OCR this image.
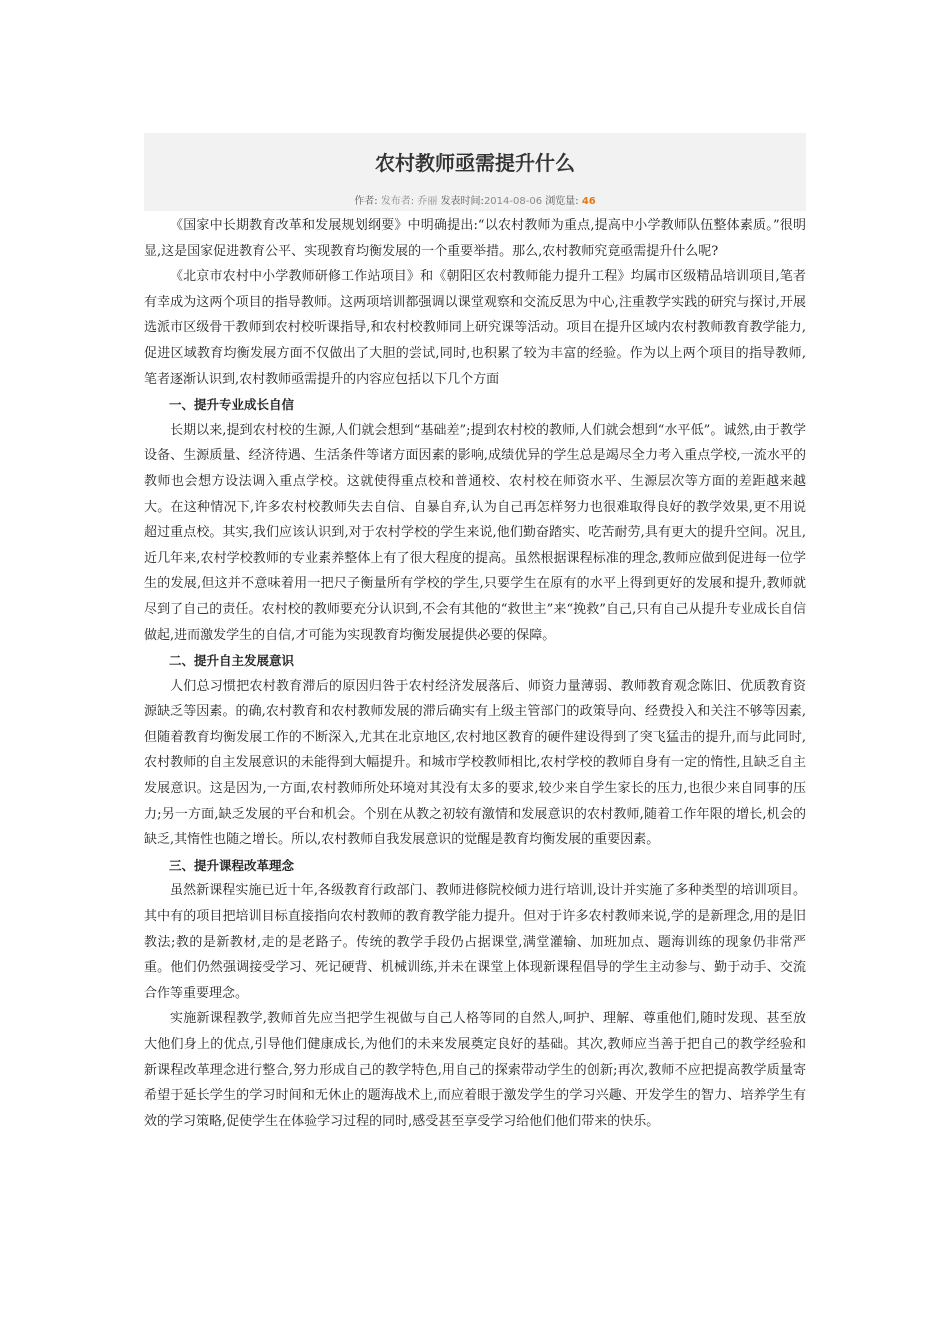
农村教师亟需提升什么
作者: 发布者: 乔丽 发表时间:2014-08-06 浏览量: 46

《国家中长期教育改革和发展规划纲要》中明确提出:“以农村教师为重点,提高中小学教师队伍整体素质。”很明显,这是国家促进教育公平、实现教育均衡发展的一个重要举措。那么,农村教师究竟亟需提升什么呢?

《北京市农村中小学教师研修工作站项目》和《朝阳区农村教师能力提升工程》均属市区级精品培训项目,笔者有幸成为这两个项目的指导教师。这两项培训都强调以课堂观察和交流反思为中心,注重教学实践的研究与探讨,开展选派市区级骨干教师到农村校听课指导,和农村校教师同上研究课等活动。项目在提升区域内农村教师教育教学能力,促进区域教育均衡发展方面不仅做出了大胆的尝试,同时,也积累了较为丰富的经验。作为以上两个项目的指导教师,笔者逐渐认识到,农村教师亟需提升的内容应包括以下几个方面

一、提升专业成长自信

长期以来,提到农村校的生源,人们就会想到“基础差”;提到农村校的教师,人们就会想到“水平低”。诚然,由于教学设备、生源质量、经济待遇、生活条件等诸方面因素的影响,成绩优异的学生总是竭尽全力考入重点学校,一流水平的教师也会想方设法调入重点学校。这就使得重点校和普通校、农村校在师资水平、生源层次等方面的差距越来越大。在这种情况下,许多农村校教师失去自信、自暴自弃,认为自己再怎样努力也很难取得良好的教学效果,更不用说超过重点校。其实,我们应该认识到,对于农村学校的学生来说,他们勤奋踏实、吃苦耐劳,具有更大的提升空间。况且,近几年来,农村学校教师的专业素养整体上有了很大程度的提高。虽然根据课程标准的理念,教师应做到促进每一位学生的发展,但这并不意味着用一把尺子衡量所有学校的学生,只要学生在原有的水平上得到更好的发展和提升,教师就尽到了自己的责任。农村校的教师要充分认识到,不会有其他的“救世主”来“挽救”自己,只有自己从提升专业成长自信做起,进而激发学生的自信,才可能为实现教育均衡发展提供必要的保障。

二、提升自主发展意识

人们总习惯把农村教育滞后的原因归咎于农村经济发展落后、师资力量薄弱、教师教育观念陈旧、优质教育资源缺乏等因素。的确,农村教育和农村教师发展的滞后确实有上级主管部门的政策导向、经费投入和关注不够等因素,但随着教育均衡发展工作的不断深入,尤其在北京地区,农村地区教育的硬件建设得到了突飞猛击的提升,而与此同时,农村教师的自主发展意识的未能得到大幅提升。和城市学校教师相比,农村学校的教师自身有一定的惰性,且缺乏自主发展意识。这是因为,一方面,农村教师所处环境对其没有太多的要求,较少来自学生家长的压力,也很少来自同事的压力;另一方面,缺乏发展的平台和机会。个别在从教之初较有激情和发展意识的农村教师,随着工作年限的增长,机会的缺乏,其惰性也随之增长。所以,农村教师自我发展意识的觉醒是教育均衡发展的重要因素。

三、提升课程改革理念

虽然新课程实施已近十年,各级教育行政部门、教师进修院校倾力进行培训,设计并实施了多种类型的培训项目。其中有的项目把培训目标直接指向农村教师的教育教学能力提升。但对于许多农村教师来说,学的是新理念,用的是旧教法;教的是新教材,走的是老路子。传统的教学手段仍占据课堂,满堂灌输、加班加点、题海训练的现象仍非常严重。他们仍然强调接受学习、死记硬背、机械训练,并未在课堂上体现新课程倡导的学生主动参与、勤于动手、交流合作等重要理念。

实施新课程教学,教师首先应当把学生视做与自己人格等同的自然人,呵护、理解、尊重他们,随时发现、甚至放大他们身上的优点,引导他们健康成长,为他们的未来发展奠定良好的基础。其次,教师应当善于把自己的教学经验和新课程改革理念进行整合,努力形成自己的教学特色,用自己的探索带动学生的创新;再次,教师不应把提高教学质量寄希望于延长学生的学习时间和无休止的题海战术上,而应着眼于激发学生的学习兴趣、开发学生的智力、培养学生有效的学习策略,促使学生在体验学习过程的同时,感受甚至享受学习给他们他们带来的快乐。
